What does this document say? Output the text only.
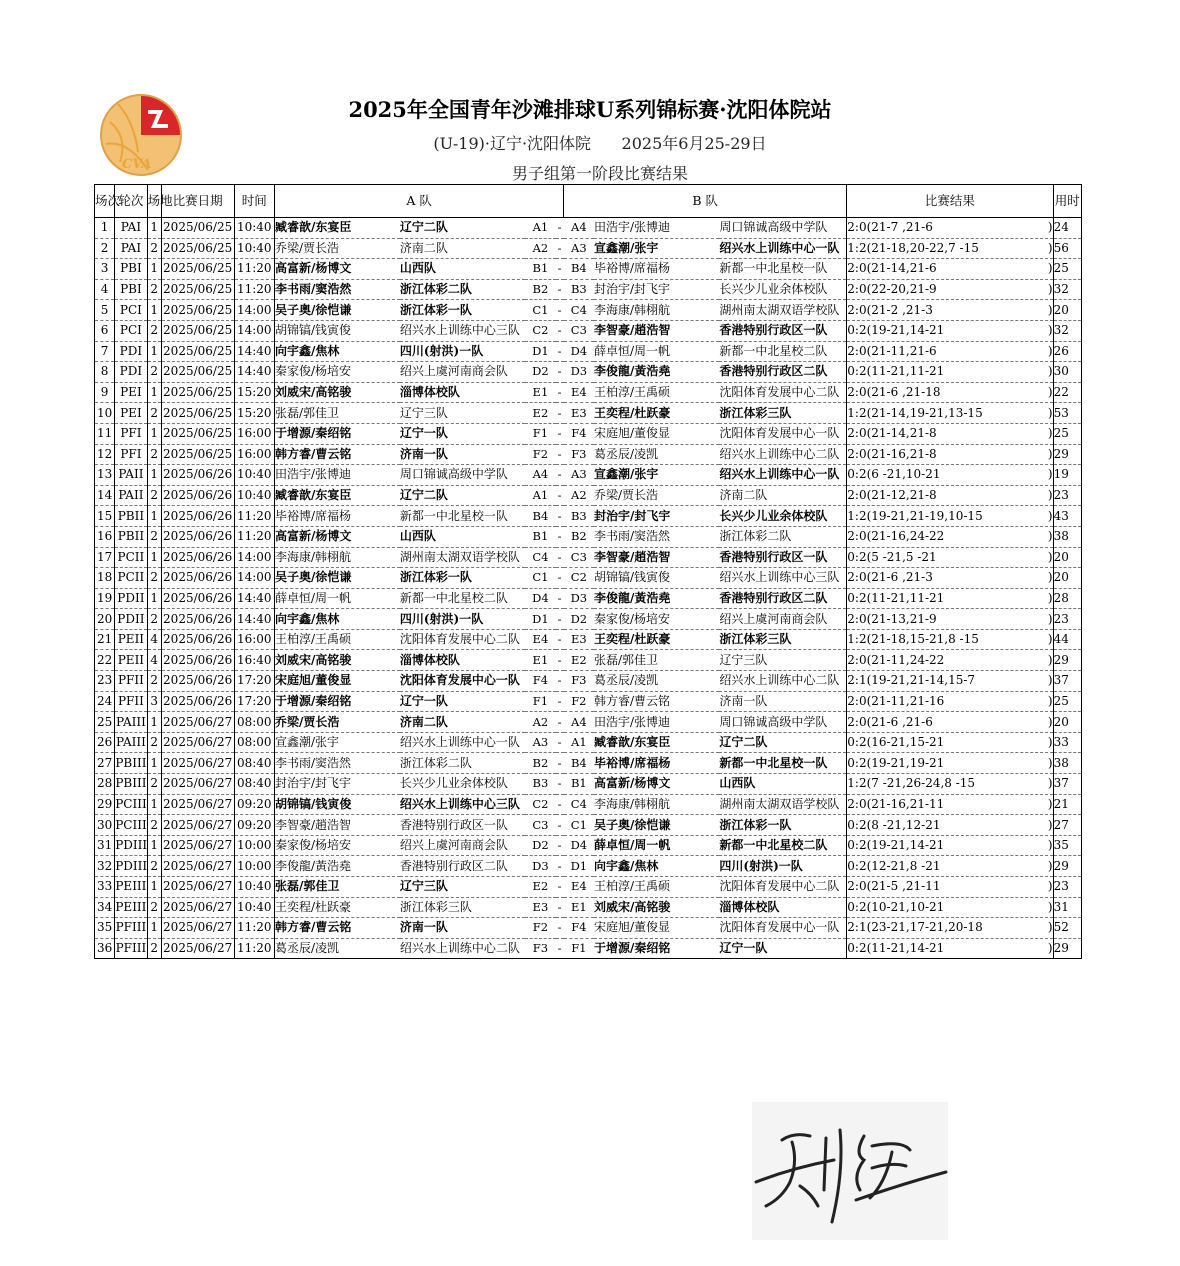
CVA
2025年全国青年沙滩排球U系列锦标赛·沈阳体院站
(U-19)·辽宁·沈阳体院      2025年6月25-29日
男子组第一阶段比赛结果
场次	轮次	场地	比赛日期	时间	A 队				B 队			比赛结果	用时
1	PAI	1	2025/06/25	10:40	臧睿歆/东宴臣	辽宁二队	A1	-	A4	田浩宇/张博迪	周口锦诚高级中学队	2:0(21-7 ,21-6 )	24
2	PAI	2	2025/06/25	10:40	乔梁/贾长浩	济南二队	A2	-	A3	宣鑫潮/张宇	绍兴水上训练中心一队	1:2(21-18,20-22,7 -15 )	56
3	PBI	1	2025/06/25	11:20	高富新/杨博文	山西队	B1	-	B4	毕裕博/席福杨	新都一中北星校一队	2:0(21-14,21-6 )	25
4	PBI	2	2025/06/25	11:20	李书雨/窦浩然	浙江体彩二队	B2	-	B3	封治宇/封飞宇	长兴少儿业余体校队	2:0(22-20,21-9 )	32
5	PCI	1	2025/06/25	14:00	吴子奥/徐恺谦	浙江体彩一队	C1	-	C4	李海康/韩栩航	湖州南太湖双语学校队	2:0(21-2 ,21-3 )	20
6	PCI	2	2025/06/25	14:00	胡锦镐/钱寅俊	绍兴水上训练中心三队	C2	-	C3	李智豪/趙浩智	香港特别行政区一队	0:2(19-21,14-21 )	32
7	PDI	1	2025/06/25	14:40	向宇鑫/焦林	四川(射洪)一队	D1	-	D4	薛卓恒/周一帆	新都一中北星校二队	2:0(21-11,21-6 )	26
8	PDI	2	2025/06/25	14:40	秦家俊/杨培安	绍兴上虞河南商会队	D2	-	D3	李俊龍/黃浩堯	香港特别行政区二队	0:2(11-21,11-21 )	30
9	PEI	1	2025/06/25	15:20	刘威宋/高铭骏	淄博体校队	E1	-	E4	王柏淳/王禹硕	沈阳体育发展中心二队	2:0(21-6 ,21-18 )	22
10	PEI	2	2025/06/25	15:20	张磊/郭佳卫	辽宁三队	E2	-	E3	王奕程/杜跃豪	浙江体彩三队	1:2(21-14,19-21,13-15 )	53
11	PFI	1	2025/06/25	16:00	于增源/秦绍铭	辽宁一队	F1	-	F4	宋庭旭/董俊显	沈阳体育发展中心一队	2:0(21-14,21-8 )	25
12	PFI	2	2025/06/25	16:00	韩方睿/曹云铭	济南一队	F2	-	F3	葛丞辰/凌凯	绍兴水上训练中心二队	2:0(21-16,21-8 )	29
13	PAII	1	2025/06/26	10:40	田浩宇/张博迪	周口锦诚高级中学队	A4	-	A3	宣鑫潮/张宇	绍兴水上训练中心一队	0:2(6 -21,10-21 )	19
14	PAII	2	2025/06/26	10:40	臧睿歆/东宴臣	辽宁二队	A1	-	A2	乔梁/贾长浩	济南二队	2:0(21-12,21-8 )	23
15	PBII	1	2025/06/26	11:20	毕裕博/席福杨	新都一中北星校一队	B4	-	B3	封治宇/封飞宇	长兴少儿业余体校队	1:2(19-21,21-19,10-15 )	43
16	PBII	2	2025/06/26	11:20	高富新/杨博文	山西队	B1	-	B2	李书雨/窦浩然	浙江体彩二队	2:0(21-16,24-22 )	38
17	PCII	1	2025/06/26	14:00	李海康/韩栩航	湖州南太湖双语学校队	C4	-	C3	李智豪/趙浩智	香港特别行政区一队	0:2(5 -21,5 -21 )	20
18	PCII	2	2025/06/26	14:00	吴子奥/徐恺谦	浙江体彩一队	C1	-	C2	胡锦镐/钱寅俊	绍兴水上训练中心三队	2:0(21-6 ,21-3 )	20
19	PDII	1	2025/06/26	14:40	薛卓恒/周一帆	新都一中北星校二队	D4	-	D3	李俊龍/黃浩堯	香港特别行政区二队	0:2(11-21,11-21 )	28
20	PDII	2	2025/06/26	14:40	向宇鑫/焦林	四川(射洪)一队	D1	-	D2	秦家俊/杨培安	绍兴上虞河南商会队	2:0(21-13,21-9 )	23
21	PEII	4	2025/06/26	16:00	王柏淳/王禹硕	沈阳体育发展中心二队	E4	-	E3	王奕程/杜跃豪	浙江体彩三队	1:2(21-18,15-21,8 -15 )	44
22	PEII	4	2025/06/26	16:40	刘威宋/高铭骏	淄博体校队	E1	-	E2	张磊/郭佳卫	辽宁三队	2:0(21-11,24-22 )	29
23	PFII	2	2025/06/26	17:20	宋庭旭/董俊显	沈阳体育发展中心一队	F4	-	F3	葛丞辰/凌凯	绍兴水上训练中心二队	2:1(19-21,21-14,15-7 )	37
24	PFII	3	2025/06/26	17:20	于增源/秦绍铭	辽宁一队	F1	-	F2	韩方睿/曹云铭	济南一队	2:0(21-11,21-16 )	25
25	PAIII	1	2025/06/27	08:00	乔梁/贾长浩	济南二队	A2	-	A4	田浩宇/张博迪	周口锦诚高级中学队	2:0(21-6 ,21-6 )	20
26	PAIII	2	2025/06/27	08:00	宣鑫潮/张宇	绍兴水上训练中心一队	A3	-	A1	臧睿歆/东宴臣	辽宁二队	0:2(16-21,15-21 )	33
27	PBIII	1	2025/06/27	08:40	李书雨/窦浩然	浙江体彩二队	B2	-	B4	毕裕博/席福杨	新都一中北星校一队	0:2(19-21,19-21 )	38
28	PBIII	2	2025/06/27	08:40	封治宇/封飞宇	长兴少儿业余体校队	B3	-	B1	高富新/杨博文	山西队	1:2(7 -21,26-24,8 -15 )	37
29	PCIII	1	2025/06/27	09:20	胡锦镐/钱寅俊	绍兴水上训练中心三队	C2	-	C4	李海康/韩栩航	湖州南太湖双语学校队	2:0(21-16,21-11 )	21
30	PCIII	2	2025/06/27	09:20	李智豪/趙浩智	香港特别行政区一队	C3	-	C1	吴子奥/徐恺谦	浙江体彩一队	0:2(8 -21,12-21 )	27
31	PDIII	1	2025/06/27	10:00	秦家俊/杨培安	绍兴上虞河南商会队	D2	-	D4	薛卓恒/周一帆	新都一中北星校二队	0:2(19-21,14-21 )	35
32	PDIII	2	2025/06/27	10:00	李俊龍/黃浩堯	香港特别行政区二队	D3	-	D1	向宇鑫/焦林	四川(射洪)一队	0:2(12-21,8 -21 )	29
33	PEIII	1	2025/06/27	10:40	张磊/郭佳卫	辽宁三队	E2	-	E4	王柏淳/王禹硕	沈阳体育发展中心二队	2:0(21-5 ,21-11 )	23
34	PEIII	2	2025/06/27	10:40	王奕程/杜跃豪	浙江体彩三队	E3	-	E1	刘威宋/高铭骏	淄博体校队	0:2(10-21,10-21 )	31
35	PFIII	1	2025/06/27	11:20	韩方睿/曹云铭	济南一队	F2	-	F4	宋庭旭/董俊显	沈阳体育发展中心一队	2:1(23-21,17-21,20-18 )	52
36	PFIII	2	2025/06/27	11:20	葛丞辰/凌凯	绍兴水上训练中心二队	F3	-	F1	于增源/秦绍铭	辽宁一队	0:2(11-21,14-21 )	29
